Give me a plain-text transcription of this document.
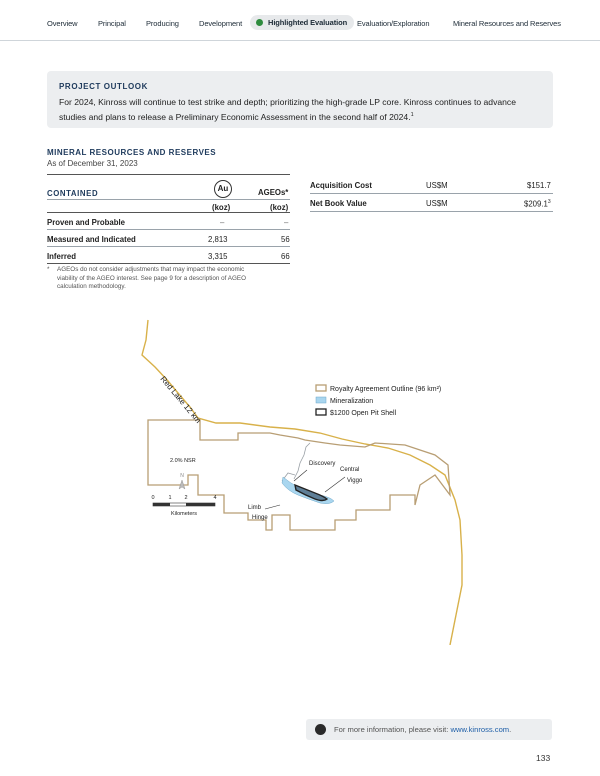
Overview	Principal	Producing	Development	Highlighted Evaluation	Evaluation/Exploration	Mineral Resources and Reserves
PROJECT OUTLOOK
For 2024, Kinross will continue to test strike and depth; prioritizing the high-grade LP core. Kinross continues to advance
studies and plans to release a Preliminary Economic Assessment in the second half of 2024.$^1$
MINERAL RESOURCES AND RESERVES
As of December 31, 2023
CONTAINED
Au	AGEOs*
(koz)	(koz)
Proven and Probable	–	–
Measured and Indicated	2,813	56
Inferred	3,315	66
* AGEOs do not consider adjustments that may impact the economic
viability of the AGEO interest. See page 9 for a description of AGEO
calculation methodology.
Acquisition Cost	US$M	$151.7
Net Book Value	US$M	$209.1$^3$
Red Lake 12 km
2.0% NSR	Discovery
Central
Viggo
Limb
Hinge
N
0	1 2	4
Kilometers
Royalty Agreement Outline (96 km²)
Mineralization
$1200 Open Pit Shell
For more information, please visit: www.kinross.com.
133
